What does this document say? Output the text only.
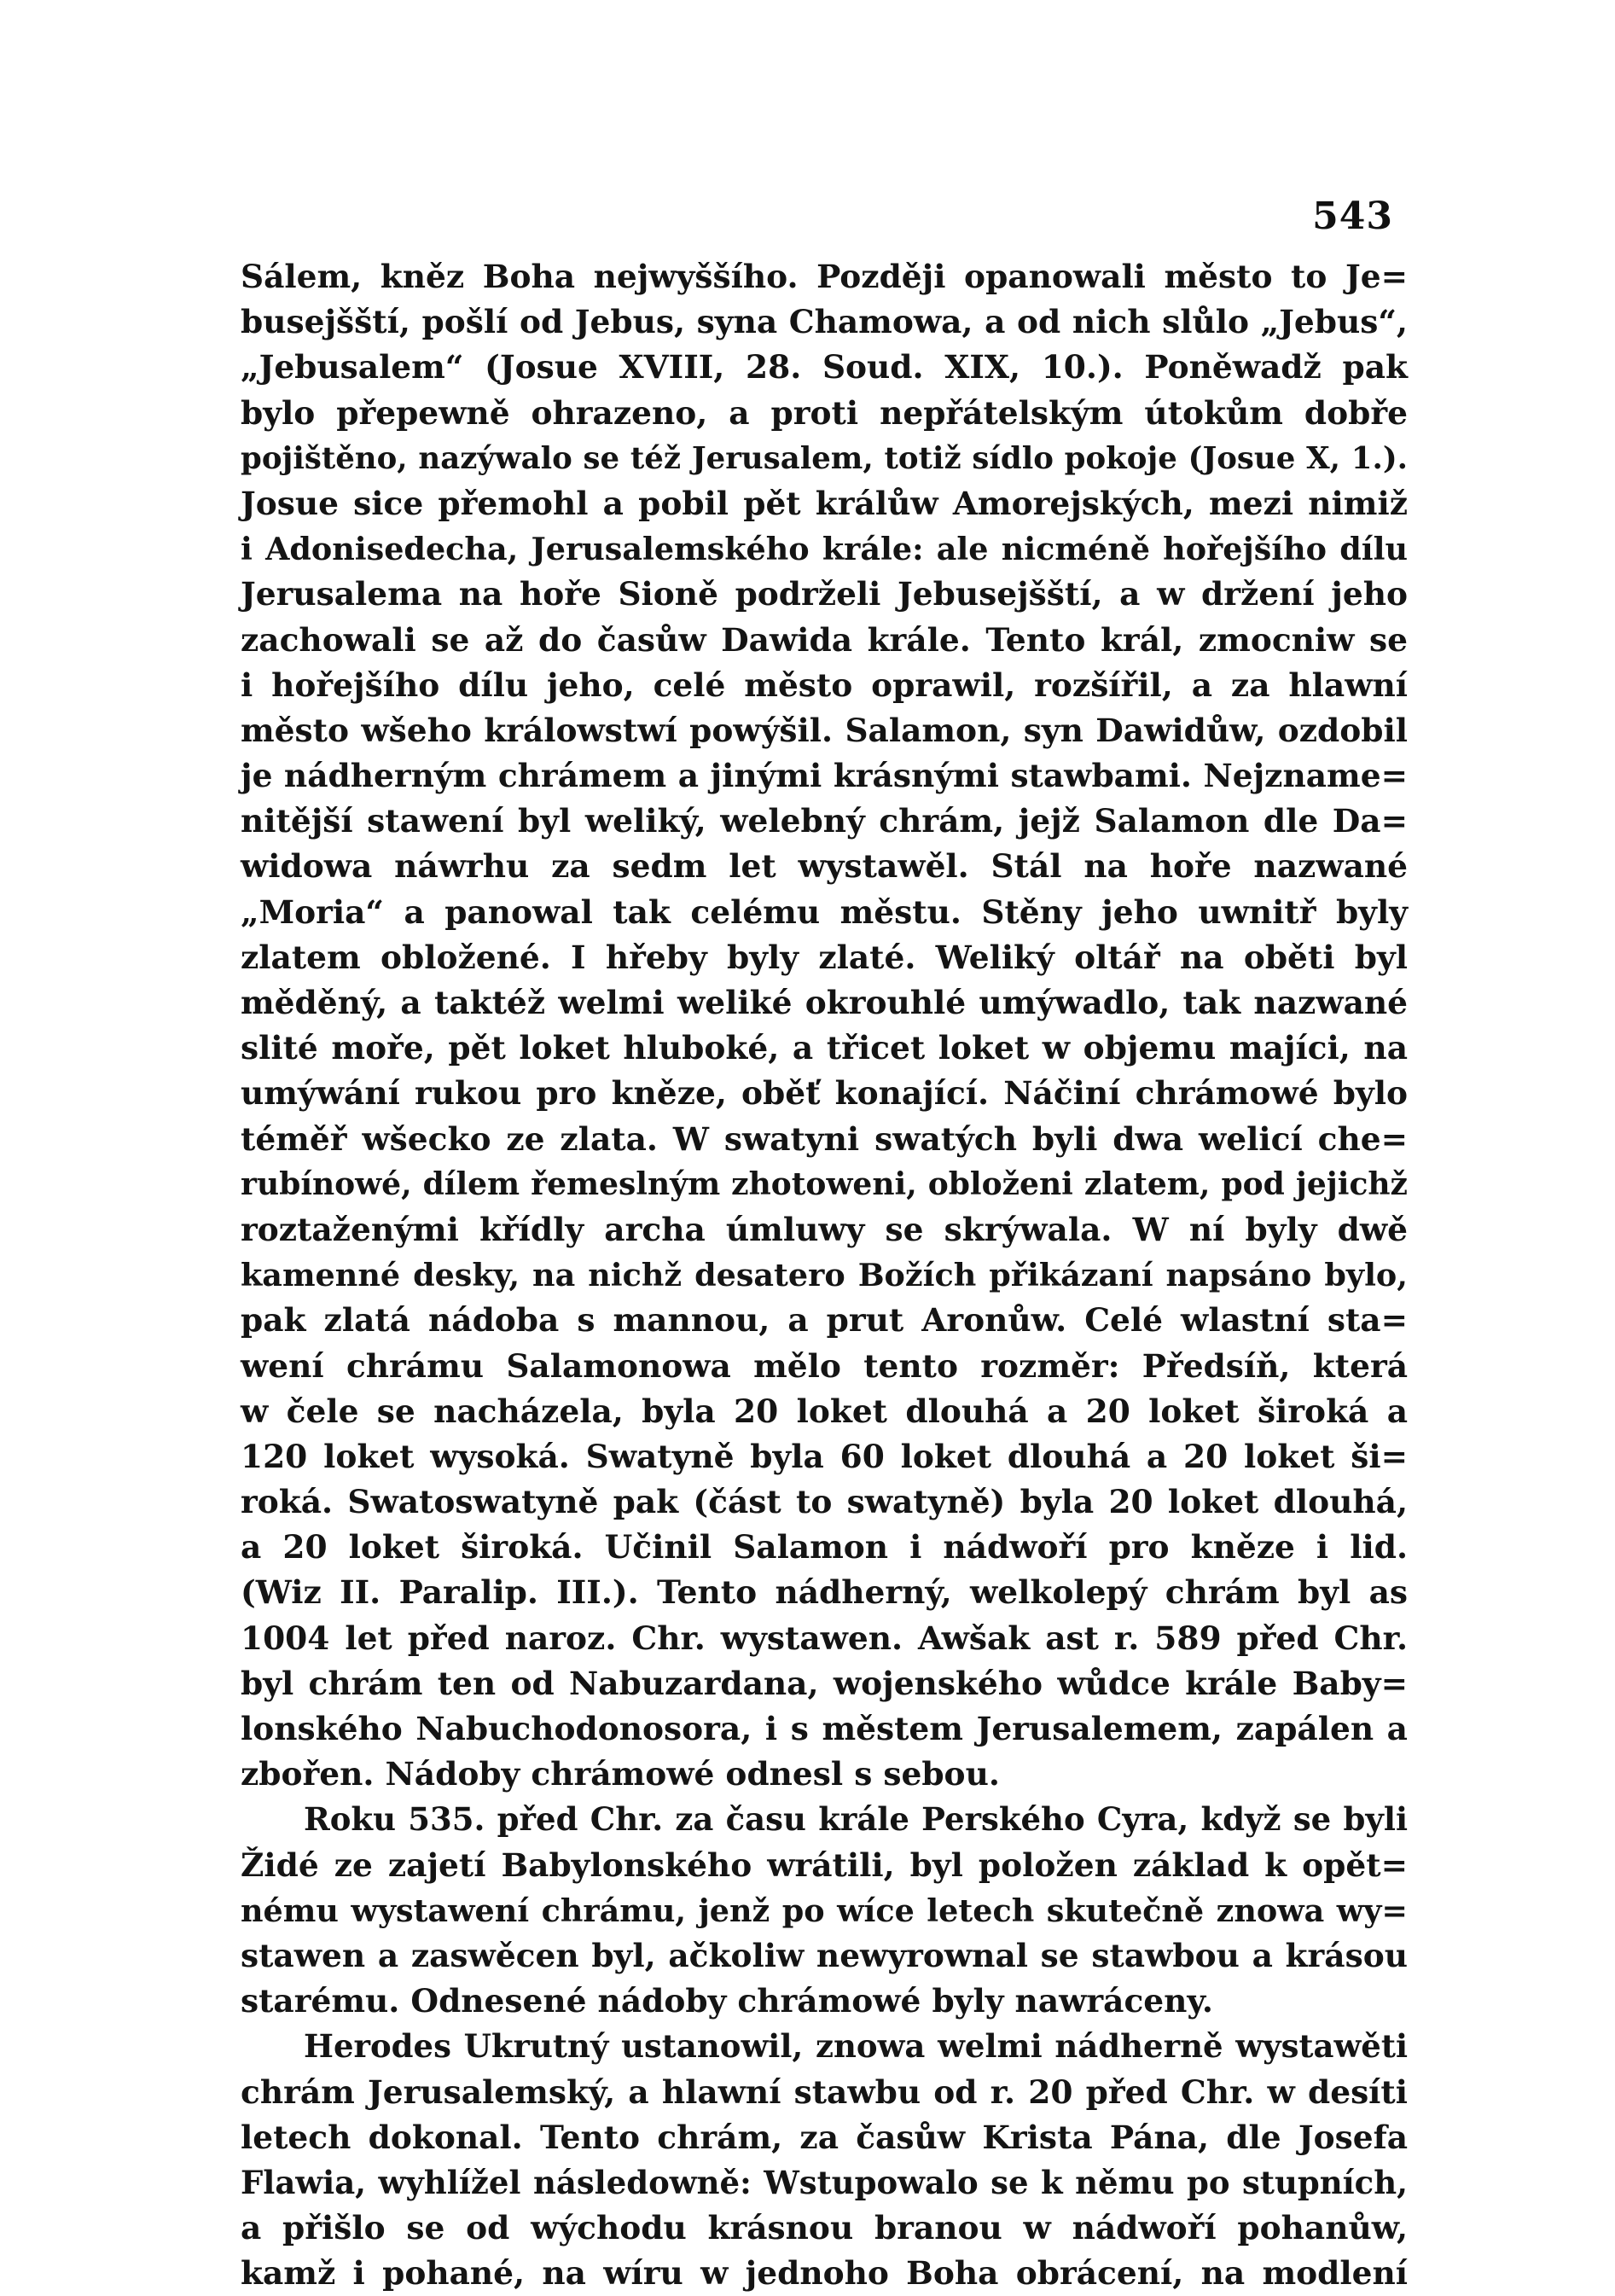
543
Sálem, kněz Boha nejwyššího. Později opanowali město to Je=
busejšští, pošlí od Jebus, syna Chamowa, a od nich slůlo „Jebus“,
„Jebusalem“ (Josue XVIII, 28. Soud. XIX, 10.). Poněwadž pak
bylo přepewně ohrazeno, a proti nepřátelským útokům dobře
pojištěno, nazýwalo se též Jerusalem, totiž sídlo pokoje (Josue X, 1.).
Josue sice přemohl a pobil pět králůw Amorejských, mezi nimiž
i Adonisedecha, Jerusalemského krále: ale nicméně hořejšího dílu
Jerusalema na hoře Sioně podrželi Jebusejšští, a w držení jeho
zachowali se až do časůw Dawida krále. Tento král, zmocniw se
i hořejšího dílu jeho, celé město oprawil, rozšířil, a za hlawní
město wšeho králowstwí powýšil. Salamon, syn Dawidůw, ozdobil
je nádherným chrámem a jinými krásnými stawbami. Nejzname=
nitější stawení byl weliký, welebný chrám, jejž Salamon dle Da=
widowa náwrhu za sedm let wystawěl. Stál na hoře nazwané
„Moria“ a panowal tak celému městu. Stěny jeho uwnitř byly
zlatem obložené. I hřeby byly zlaté. Weliký oltář na oběti byl
měděný, a taktéž welmi weliké okrouhlé umýwadlo, tak nazwané
slité moře, pět loket hluboké, a třicet loket w objemu majíci, na
umýwání rukou pro kněze, oběť konající. Náčiní chrámowé bylo
téměř wšecko ze zlata. W swatyni swatých byli dwa welicí che=
rubínowé, dílem řemeslným zhotoweni, obloženi zlatem, pod jejichž
roztaženými křídly archa úmluwy se skrýwala. W ní byly dwě
kamenné desky, na nichž desatero Božích přikázaní napsáno bylo,
pak zlatá nádoba s mannou, a prut Aronůw. Celé wlastní sta=
wení chrámu Salamonowa mělo tento rozměr: Předsíň, která
w čele se nacházela, byla 20 loket dlouhá a 20 loket široká a
120 loket wysoká. Swatyně byla 60 loket dlouhá a 20 loket ši=
roká. Swatoswatyně pak (část to swatyně) byla 20 loket dlouhá,
a 20 loket široká. Učinil Salamon i nádwoří pro kněze i lid.
(Wiz II. Paralip. III.). Tento nádherný, welkolepý chrám byl as
1004 let před naroz. Chr. wystawen. Awšak ast r. 589 před Chr.
byl chrám ten od Nabuzardana, wojenského wůdce krále Baby=
lonského Nabuchodonosora, i s městem Jerusalemem, zapálen a
zbořen. Nádoby chrámowé odnesl s sebou.
Roku 535. před Chr. za času krále Perského Cyra, když se byli
Židé ze zajetí Babylonského wrátili, byl položen základ k opět=
nému wystawení chrámu, jenž po wíce letech skutečně znowa wy=
stawen a zaswěcen byl, ačkoliw newyrownal se stawbou a krásou
starému. Odnesené nádoby chrámowé byly nawráceny.
Herodes Ukrutný ustanowil, znowa welmi nádherně wystawěti
chrám Jerusalemský, a hlawní stawbu od r. 20 před Chr. w desíti
letech dokonal. Tento chrám, za časůw Krista Pána, dle Josefa
Flawia, wyhlížel následowně: Wstupowalo se k němu po stupních,
a přišlo se od wýchodu krásnou branou w nádwoří pohanůw,
kamž i pohané, na wíru w jednoho Boha obrácení, na modlení
